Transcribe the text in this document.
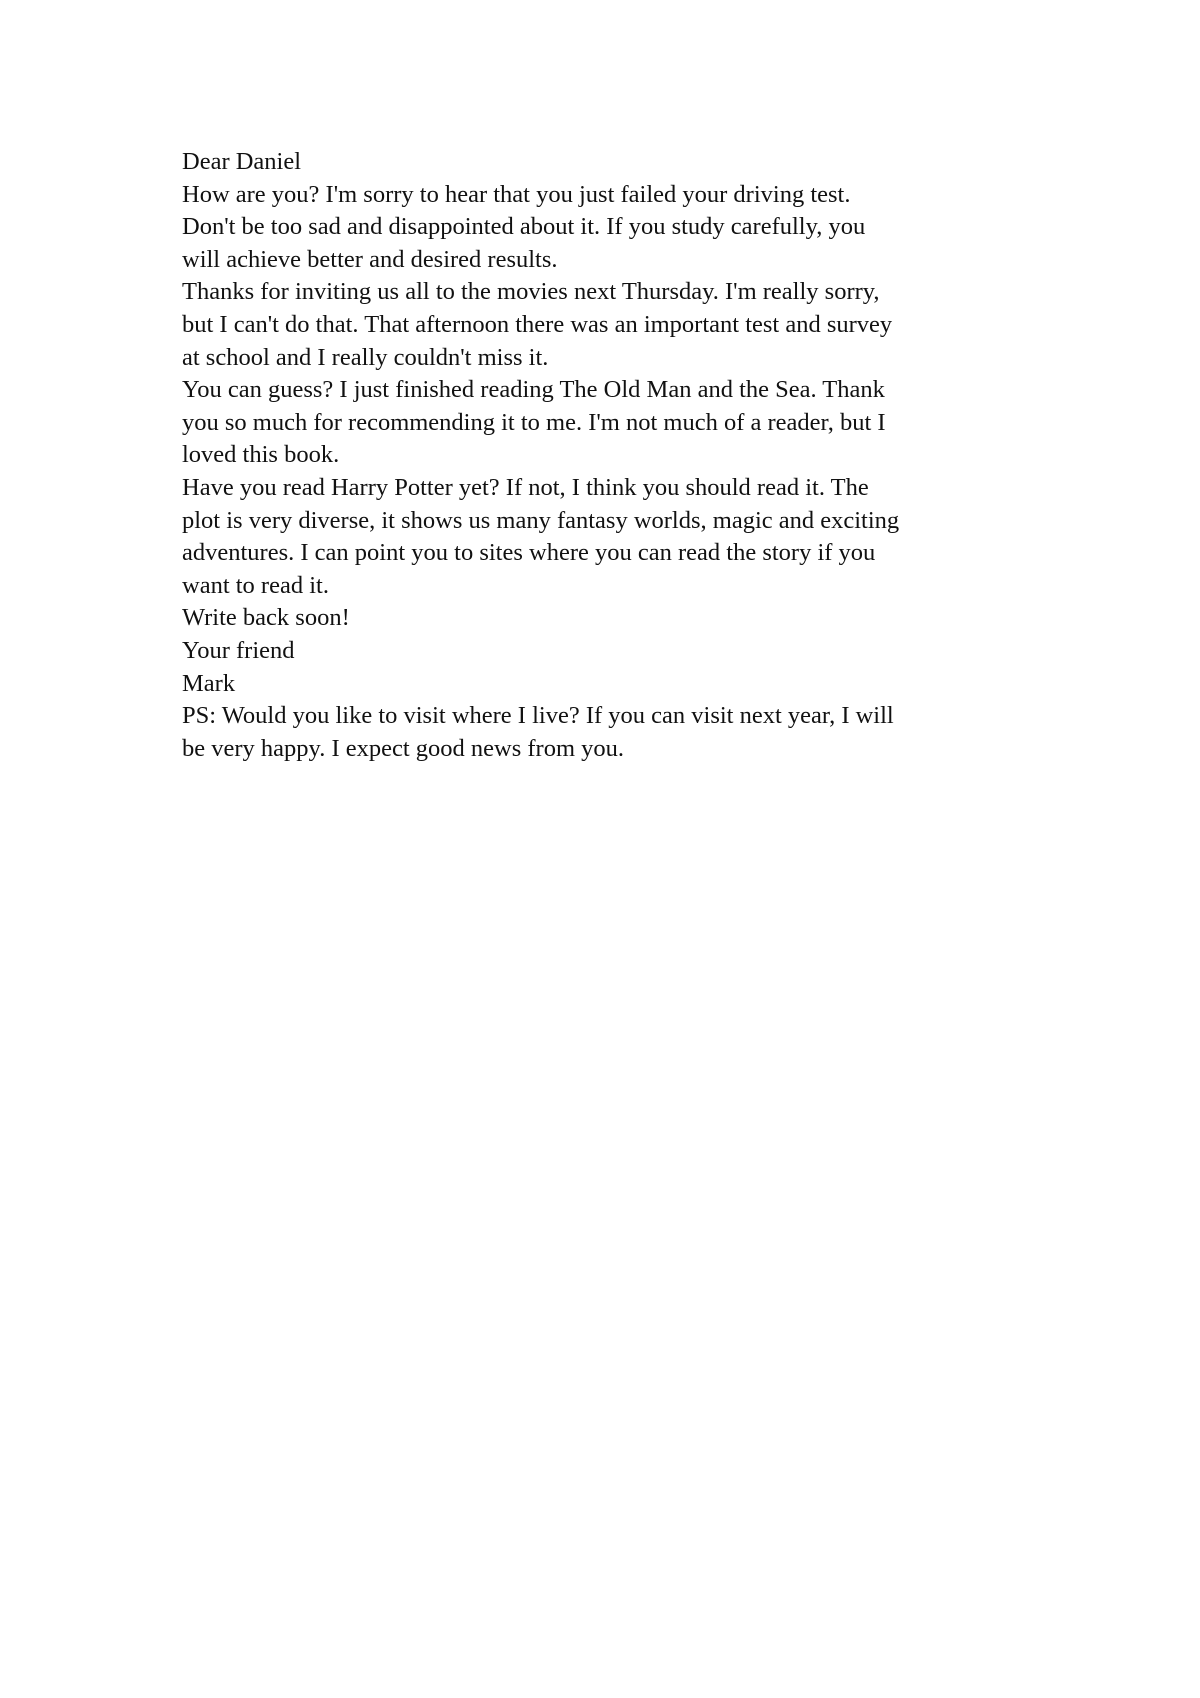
Dear Daniel
How are you? I'm sorry to hear that you just failed your driving test.
Don't be too sad and disappointed about it. If you study carefully, you
will achieve better and desired results.
Thanks for inviting us all to the movies next Thursday. I'm really sorry,
but I can't do that. That afternoon there was an important test and survey
at school and I really couldn't miss it.
You can guess? I just finished reading The Old Man and the Sea. Thank
you so much for recommending it to me. I'm not much of a reader, but I
loved this book.
Have you read Harry Potter yet? If not, I think you should read it. The
plot is very diverse, it shows us many fantasy worlds, magic and exciting
adventures. I can point you to sites where you can read the story if you
want to read it.
Write back soon!
Your friend
Mark
PS: Would you like to visit where I live? If you can visit next year, I will
be very happy. I expect good news from you.
